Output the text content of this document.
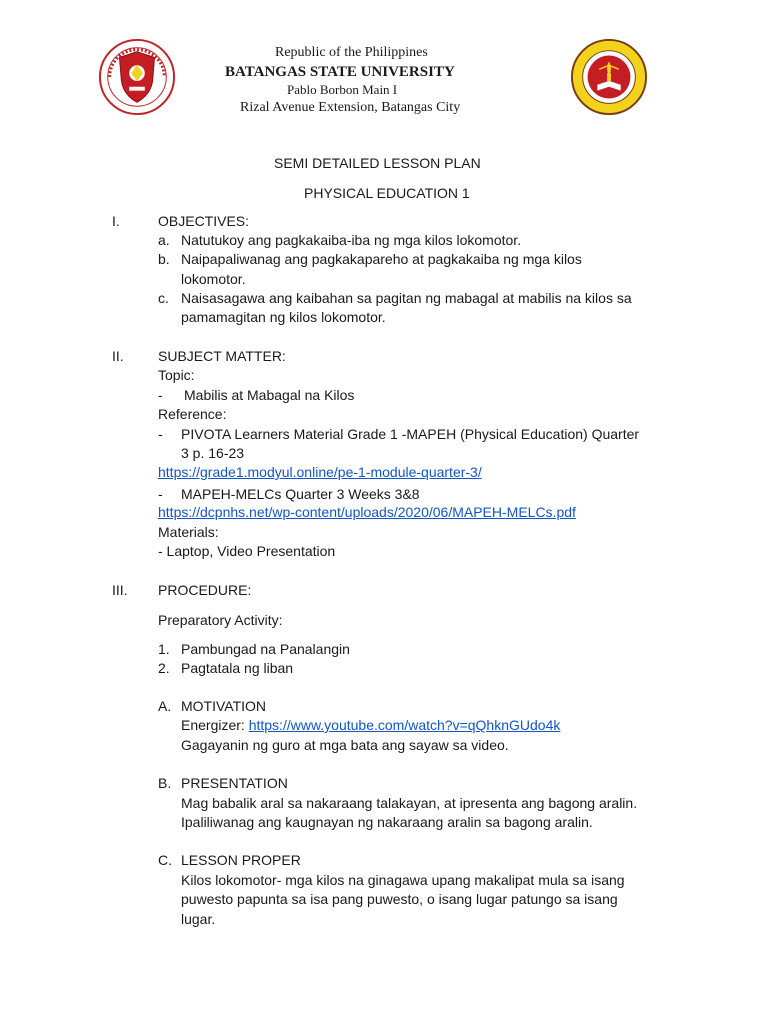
Republic of the Philippines
BATANGAS STATE UNIVERSITY
Pablo Borbon Main I
Rizal Avenue Extension, Batangas City
SEMI DETAILED LESSON PLAN
PHYSICAL EDUCATION 1
I.	OBJECTIVES:
a. Natutukoy ang pagkakaiba-iba ng mga kilos lokomotor.
b. Naipapaliwanag ang pagkakapareho at pagkakaiba ng mga kilos
lokomotor.
c. Naisasagawa ang kaibahan sa pagitan ng mabagal at mabilis na kilos sa
pamamagitan ng kilos lokomotor.
II. SUBJECT MATTER:
Topic:
- Mabilis at Mabagal na Kilos
Reference:
- PIVOTA Learners Material Grade 1 -MAPEH (Physical Education) Quarter
3 p. 16-23
https://grade1.modyul.online/pe-1-module-quarter-3/
- MAPEH-MELCs Quarter 3 Weeks 3&8
https://dcpnhs.net/wp-content/uploads/2020/06/MAPEH-MELCs.pdf
Materials:
- Laptop, Video Presentation
III. PROCEDURE:
Preparatory Activity:
1. Pambungad na Panalangin
2. Pagtatala ng liban
A. MOTIVATION
Energizer: https://www.youtube.com/watch?v=qQhknGUdo4k
Gagayanin ng guro at mga bata ang sayaw sa video.
B. PRESENTATION
Mag babalik aral sa nakaraang talakayan, at ipresenta ang bagong aralin.
Ipaliliwanag ang kaugnayan ng nakaraang aralin sa bagong aralin.
C. LESSON PROPER
Kilos lokomotor- mga kilos na ginagawa upang makalipat mula sa isang
puwesto papunta sa isa pang puwesto, o isang lugar patungo sa isang
lugar.
